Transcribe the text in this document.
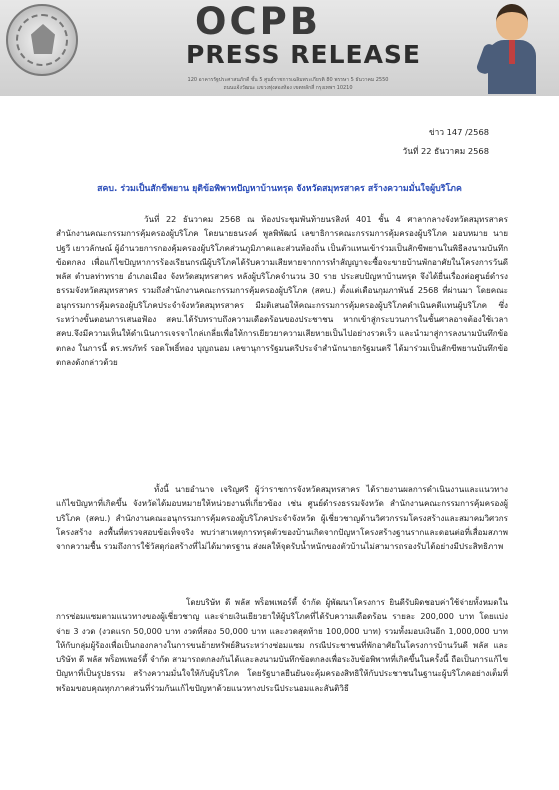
OCPB
PRESS RELEASE
120 อาคารรัฐประศาสนภักดี ชั้น 5 ศูนย์ราชการเฉลิมพระเกียรติ 80 พรรษา 5 ธันวาคม 2550
ถนนแจ้งวัฒนะ แขวงทุ่งสองห้อง เขตหลักสี่ กรุงเทพฯ 10210
ข่าว 147 /2568
วันที่ 22 ธันวาคม 2568
สคบ. ร่วมเป็นสักขีพยาน ยุติข้อพิพาทปัญหาบ้านทรุด จังหวัดสมุทรสาคร สร้างความมั่นใจผู้บริโภค

วันที่ 22 ธันวาคม 2568 ณ ห้องประชุมพันท้ายนรสิงห์ 401 ชั้น 4 ศาลากลางจังหวัดสมุทรสาคร สำนักงานคณะกรรมการคุ้มครองผู้บริโภค โดยนายธนรงค์ พูลพิพัฒน์ เลขาธิการคณะกรรมการคุ้มครองผู้บริโภค มอบหมาย นายปฐวี เยาวลักษณ์ ผู้อำนวยการกองคุ้มครองผู้บริโภคส่วนภูมิภาคและส่วนท้องถิ่น เป็นตัวแทนเข้าร่วมเป็นสักขีพยานในพิธีลงนามบันทึกข้อตกลง เพื่อแก้ไขปัญหาการร้องเรียนกรณีผู้บริโภคได้รับความเสียหายจากการทำสัญญาจะซื้อจะขายบ้านพักอาศัยในโครงการวันดีพลัส ตำบลท่าทราย อำเภอเมือง จังหวัดสมุทรสาคร หลังผู้บริโภคจำนวน 30 ราย ประสบปัญหาบ้านทรุด จึงได้ยื่นเรื่องต่อศูนย์ดำรงธรรมจังหวัดสมุทรสาคร รวมถึงสำนักงานคณะกรรมการคุ้มครองผู้บริโภค (สคบ.) ตั้งแต่เดือนกุมภาพันธ์ 2568 ที่ผ่านมา โดยคณะอนุกรรมการคุ้มครองผู้บริโภคประจำจังหวัดสมุทรสาคร มีมติเสนอให้คณะกรรมการคุ้มครองผู้บริโภคดำเนินคดีแทนผู้บริโภค ซึ่งระหว่างขั้นตอนการเสนอฟ้อง สคบ.ได้รับทราบถึงความเดือดร้อนของประชาชน หากเข้าสู่กระบวนการในชั้นศาลอาจต้องใช้เวลา สคบ.จึงมีความเห็นให้ดำเนินการเจรจาไกล่เกลี่ยเพื่อให้การเยียวยาความเสียหายเป็นไปอย่างรวดเร็ว และนำมาสู่การลงนามบันทึกข้อตกลง ในการนี้ ดร.พรภัทร์ รอดโพธิ์ทอง บุญถนอม เลขานุการรัฐมนตรีประจำสำนักนายกรัฐมนตรี ได้มาร่วมเป็นสักขีพยานบันทึกข้อตกลงดังกล่าวด้วย

ทั้งนี้ นายอำนาจ เจริญศรี ผู้ว่าราชการจังหวัดสมุทรสาคร ได้รายงานผลการดำเนินงานและแนวทางแก้ไขปัญหาที่เกิดขึ้น จังหวัดได้มอบหมายให้หน่วยงานที่เกี่ยวข้อง เช่น ศูนย์ดำรงธรรมจังหวัด สำนักงานคณะกรรมการคุ้มครองผู้บริโภค (สคบ.) สำนักงานคณะอนุกรรมการคุ้มครองผู้บริโภคประจำจังหวัด ผู้เชี่ยวชาญด้านวิศวกรรมโครงสร้างและสมาคมวิศวกรโครงสร้าง ลงพื้นที่ตรวจสอบข้อเท็จจริง พบว่าสาเหตุการทรุดตัวของบ้านเกิดจากปัญหาโครงสร้างฐานรากและดอนต่อที่เสื่อมสภาพจากความชื้น รวมถึงการใช้วัสดุก่อสร้างที่ไม่ได้มาตรฐาน ส่งผลให้จุดรับน้ำหนักของตัวบ้านไม่สามารถรองรับได้อย่างมีประสิทธิภาพ

โดยบริษัท ดี พลัส พร็อพเพอร์ตี้ จำกัด ผู้พัฒนาโครงการ ยินดีรับผิดชอบค่าใช้จ่ายทั้งหมดในการซ่อมแซมตามแนวทางของผู้เชี่ยวชาญ และจ่ายเงินเยียวยาให้ผู้บริโภคที่ได้รับความเดือดร้อน รายละ 200,000 บาท โดยแบ่งจ่าย 3 งวด (งวดแรก 50,000 บาท งวดที่สอง 50,000 บาท และงวดสุดท้าย 100,000 บาท) รวมทั้งมอบเงินอีก 1,000,000 บาท ให้กับกลุ่มผู้ร้องเพื่อเป็นกองกลางในการขนย้ายทรัพย์สินระหว่างซ่อมแซม กรณีประชาชนที่พักอาศัยในโครงการบ้านวันดี พลัส และบริษัท ดี พลัส พร็อพเพอร์ตี้ จำกัด สามารถตกลงกันได้และลงนามบันทึกข้อตกลงเพื่อระงับข้อพิพาทที่เกิดขึ้นในครั้งนี้ ถือเป็นการแก้ไขปัญหาที่เป็นรูปธรรม สร้างความมั่นใจให้กับผู้บริโภค โดยรัฐบาลยืนยันจะคุ้มครองสิทธิให้กับประชาชนในฐานะผู้บริโภคอย่างเต็มที่ พร้อมขอบคุณทุกภาคส่วนที่ร่วมกันแก้ไขปัญหาด้วยแนวทางประนีประนอมและสันติวิธี
